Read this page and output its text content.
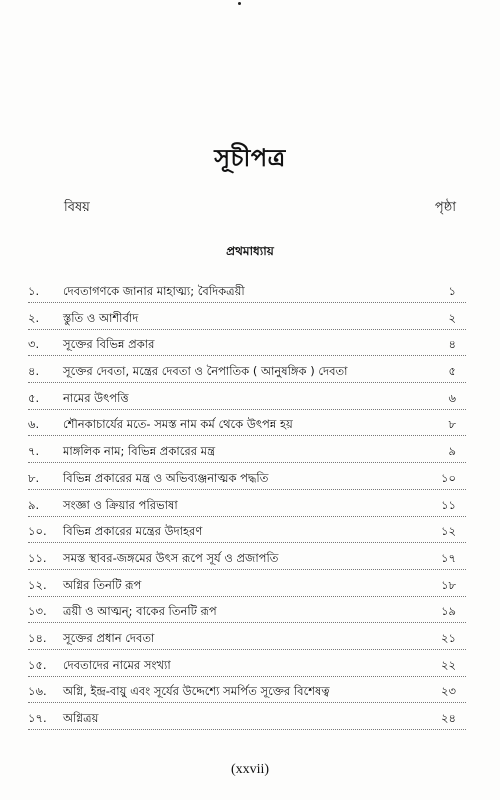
সূচীপত্র
বিষয়	পৃষ্ঠা
প্রথমাধ্যায়
১. দেবতাগণকে জানার মাহাত্ম্য; বৈদিকত্রয়ী	১
২. স্তুতি ও আশীর্বাদ	২
৩. সূক্তের বিভিন্ন প্রকার	৪
৪. সূক্তের দেবতা, মন্ত্রের দেবতা ও নৈপাতিক ( আনুষঙ্গিক ) দেবতা	৫
৫. নামের উৎপত্তি	৬
৬. শৌনকাচার্যের মতে- সমস্ত নাম কর্ম থেকে উৎপন্ন হয়	৮
৭. মাঙ্গলিক নাম; বিভিন্ন প্রকারের মন্ত্র	৯
৮. বিভিন্ন প্রকারের মন্ত্র ও অভিব্যঞ্জনাত্মক পদ্ধতি	১০
৯. সংজ্ঞা ও ক্রিয়ার পরিভাষা	১১
১০. বিভিন্ন প্রকারের মন্ত্রের উদাহরণ	১২
১১. সমস্ত স্থাবর-জঙ্গমের উৎস রূপে সূর্য ও প্রজাপতি	১৭
১২. অগ্নির তিনটি রূপ	১৮
১৩. ত্রয়ী ও আত্মন্; বাকের তিনটি রূপ	১৯
১৪. সূক্তের প্রধান দেবতা	২১
১৫. দেবতাদের নামের সংখ্যা	২২
১৬. অগ্নি, ইন্দ্র-বায়ু এবং সূর্যের উদ্দেশ্যে সমর্পিত সূক্তের বিশেষত্ব	২৩
১৭. অগ্নিত্রয়	২৪
(xxvii)
